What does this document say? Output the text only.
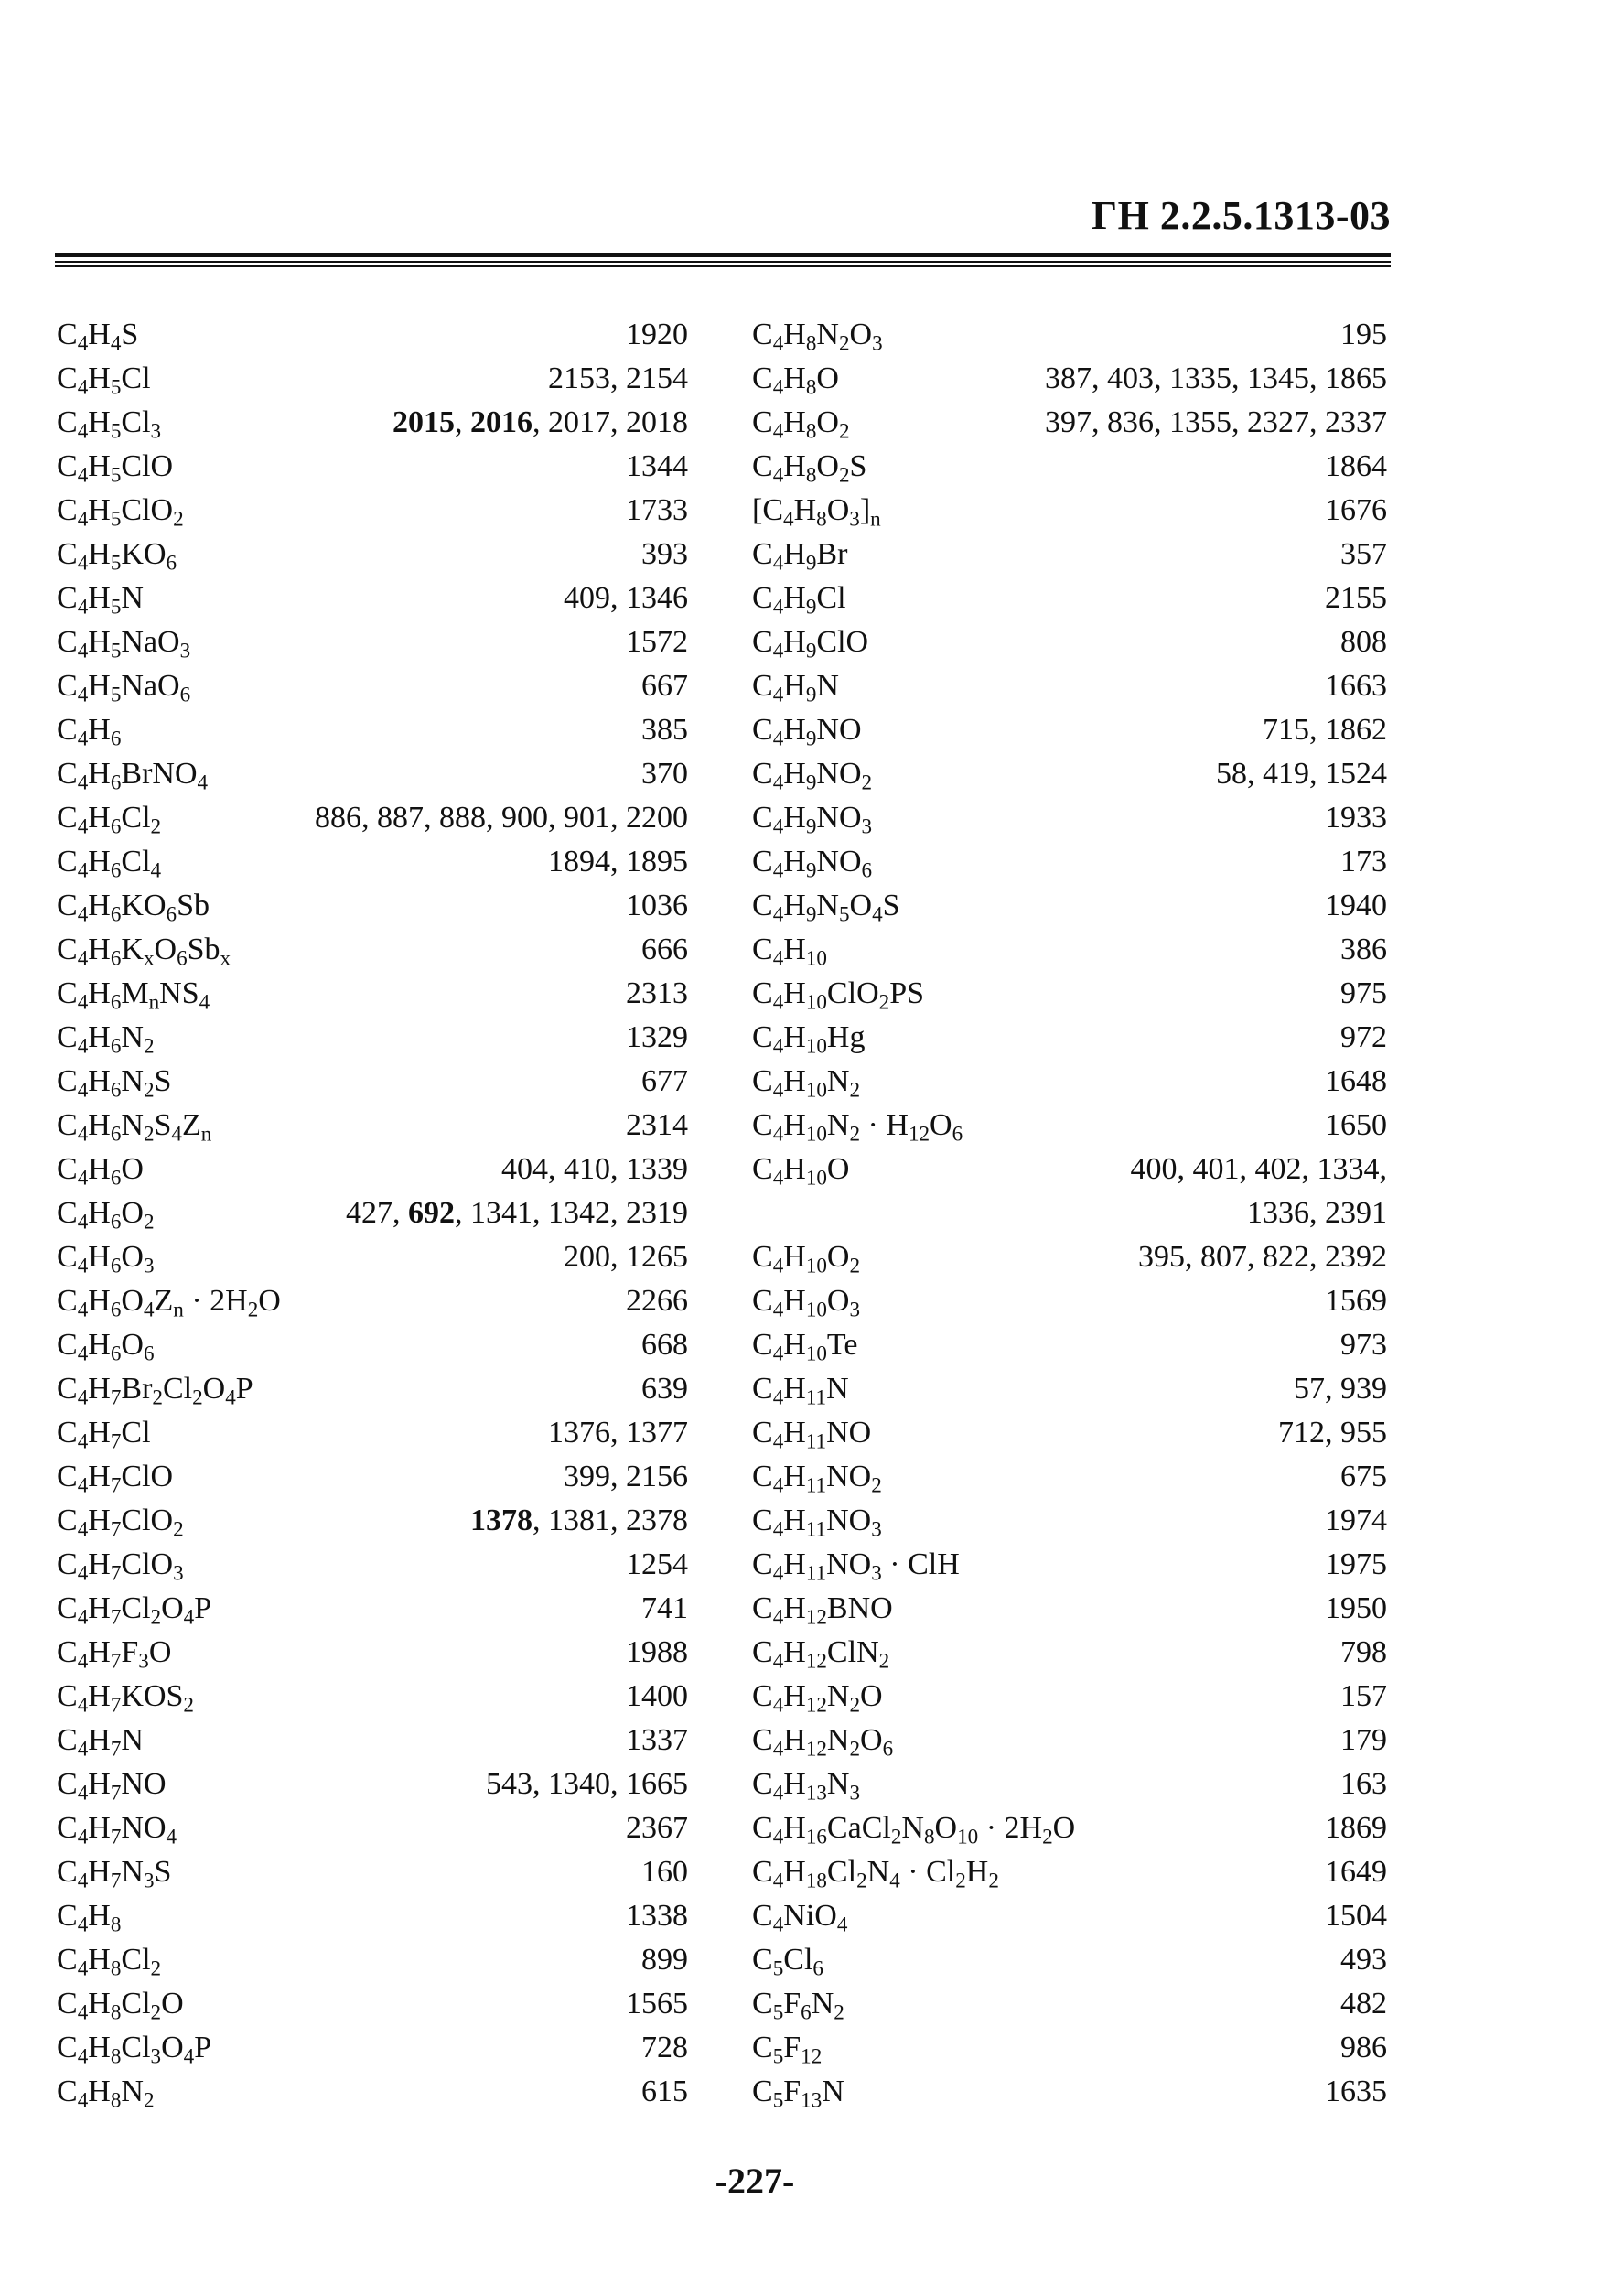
ГН 2.2.5.1313-03
$C_4H_4S$	1920
$C_4H_5Cl$	2153, 2154
$C_4H_5Cl_3$	2015, 2016, 2017, 2018
$C_4H_5ClO$	1344
$C_4H_5ClO_2$	1733
$C_4H_5KO_6$	393
$C_4H_5N$	409, 1346
$C_4H_5NaO_3$	1572
$C_4H_5NaO_6$	667
$C_4H_6$	385
$C_4H_6BrNO_4$	370
$C_4H_6Cl_2$	886, 887, 888, 900, 901, 2200
$C_4H_6Cl_4$	1894, 1895
$C_4H_6KO_6Sb$	1036
$C_4H_6K_xO_6Sb_x$	666
$C_4H_6M_nNS_4$	2313
$C_4H_6N_2$	1329
$C_4H_6N_2S$	677
$C_4H_6N_2S_4Z_n$	2314
$C_4H_6O$	404, 410, 1339
$C_4H_6O_2$	427, 692, 1341, 1342, 2319
$C_4H_6O_3$	200, 1265
$C_4H_6O_4Z_n \cdot 2H_2O$	2266
$C_4H_6O_6$	668
$C_4H_7Br_2Cl_2O_4P$	639
$C_4H_7Cl$	1376, 1377
$C_4H_7ClO$	399, 2156
$C_4H_7ClO_2$	1378, 1381, 2378
$C_4H_7ClO_3$	1254
$C_4H_7Cl_2O_4P$	741
$C_4H_7F_3O$	1988
$C_4H_7KOS_2$	1400
$C_4H_7N$	1337
$C_4H_7NO$	543, 1340, 1665
$C_4H_7NO_4$	2367
$C_4H_7N_3S$	160
$C_4H_8$	1338
$C_4H_8Cl_2$	899
$C_4H_8Cl_2O$	1565
$C_4H_8Cl_3O_4P$	728
$C_4H_8N_2$	615
$C_4H_8N_2O_3$	195
$C_4H_8O$	387, 403, 1335, 1345, 1865
$C_4H_8O_2$	397, 836, 1355, 2327, 2337
$C_4H_8O_2S$	1864
$[C_4H_8O_3]_n$	1676
$C_4H_9Br$	357
$C_4H_9Cl$	2155
$C_4H_9ClO$	808
$C_4H_9N$	1663
$C_4H_9NO$	715, 1862
$C_4H_9NO_2$	58, 419, 1524
$C_4H_9NO_3$	1933
$C_4H_9NO_6$	173
$C_4H_9N_5O_4S$	1940
$C_4H_{10}$	386
$C_4H_{10}ClO_2PS$	975
$C_4H_{10}Hg$	972
$C_4H_{10}N_2$	1648
$C_4H_{10}N_2 \cdot H_{12}O_6$	1650
$C_4H_{10}O$	400, 401, 402, 1334,
1336, 2391
$C_4H_{10}O_2$	395, 807, 822, 2392
$C_4H_{10}O_3$	1569
$C_4H_{10}Te$	973
$C_4H_{11}N$	57, 939
$C_4H_{11}NO$	712, 955
$C_4H_{11}NO_2$	675
$C_4H_{11}NO_3$	1974
$C_4H_{11}NO_3$ · ClH	1975
$C_4H_{12}BNO$	1950
$C_4H_{12}ClN_2$	798
$C_4H_{12}N_2O$	157
$C_4H_{12}N_2O_6$	179
$C_4H_{13}N_3$	163
$C_4H_{16}CaCl_2N_8O_{10} \cdot 2H_2O$	1869
$C_4H_{18}Cl_2N_4 \cdot Cl_2H_2$	1649
$C_4NiO_4$	1504
$C_5Cl_6$	493
$C_5F_6N_2$	482
$C_5F_{12}$	986
$C_5F_{13}N$	1635
-227-
